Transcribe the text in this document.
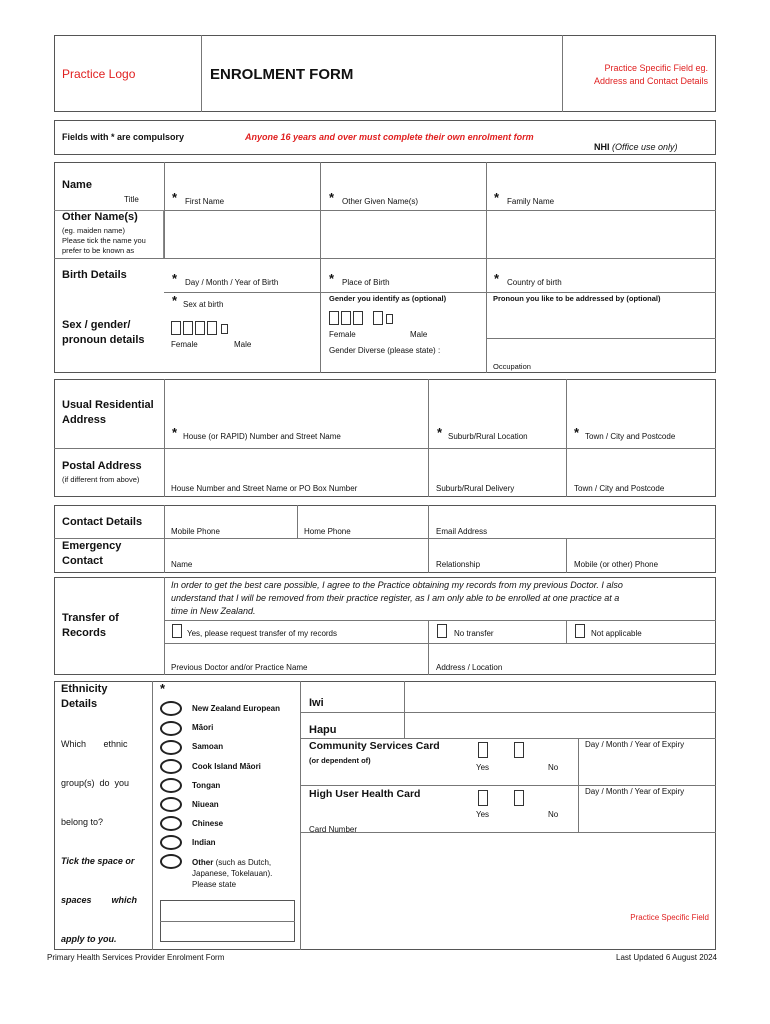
Practice Logo	ENROLMENT FORM	Practice Specific Field eg.
Address and Contact Details
Fields with * are compulsory	Anyone 16 years and over must complete their own enrolment form
NHI (Office use only)
Name
Title	* First Name	* Other Given Name(s)	* Family Name
Other Name(s)
(eg. maiden name)
Please tick the name you
prefer to be known as
Birth Details	* Day / Month / Year of Birth	* Place of Birth	* Country of birth
Sex / gender/
pronoun details
* Sex at birth
Female	Male
Gender you identify as (optional)
Female	Male
Gender Diverse (please state) :
Pronoun you like to be addressed by (optional)
Occupation
Usual Residential
Address
* House (or RAPID) Number and Street Name	* Suburb/Rural Location	* Town / City and Postcode
Postal Address
(if different from above)
House Number and Street Name or PO Box Number	Suburb/Rural Delivery	Town / City and Postcode
Contact Details
Mobile Phone	Home Phone	Email Address
Emergency
Contact	Name	Relationship	Mobile (or other) Phone
Transfer of
Records
In order to get the best care possible, I agree to the Practice obtaining my records from my previous Doctor. I also
understand that I will be removed from their practice register, as I am only able to be enrolled at one practice at a
time in New Zealand.
Yes, please request transfer of my records	No transfer	Not applicable
Previous Doctor and/or Practice Name	Address / Location
Ethnicity
Details

Which       ethnic

group(s)  do  you

belong to?

Tick the space or

spaces        which

apply to you.

*
New Zealand European
Māori
Samoan
Cook Island Māori
Tongan
Niuean
Chinese
Indian
Other (such as Dutch,
Japanese, Tokelauan).
Please state
Iwi
Hapu
Community Services Card
(or dependent of)
Yes	No
Day / Month / Year of Expiry
High User Health Card
Yes	No
Day / Month / Year of Expiry
Card Number
Practice Specific Field
Primary Health Services Provider Enrolment Form	Last Updated 6 August 2024
